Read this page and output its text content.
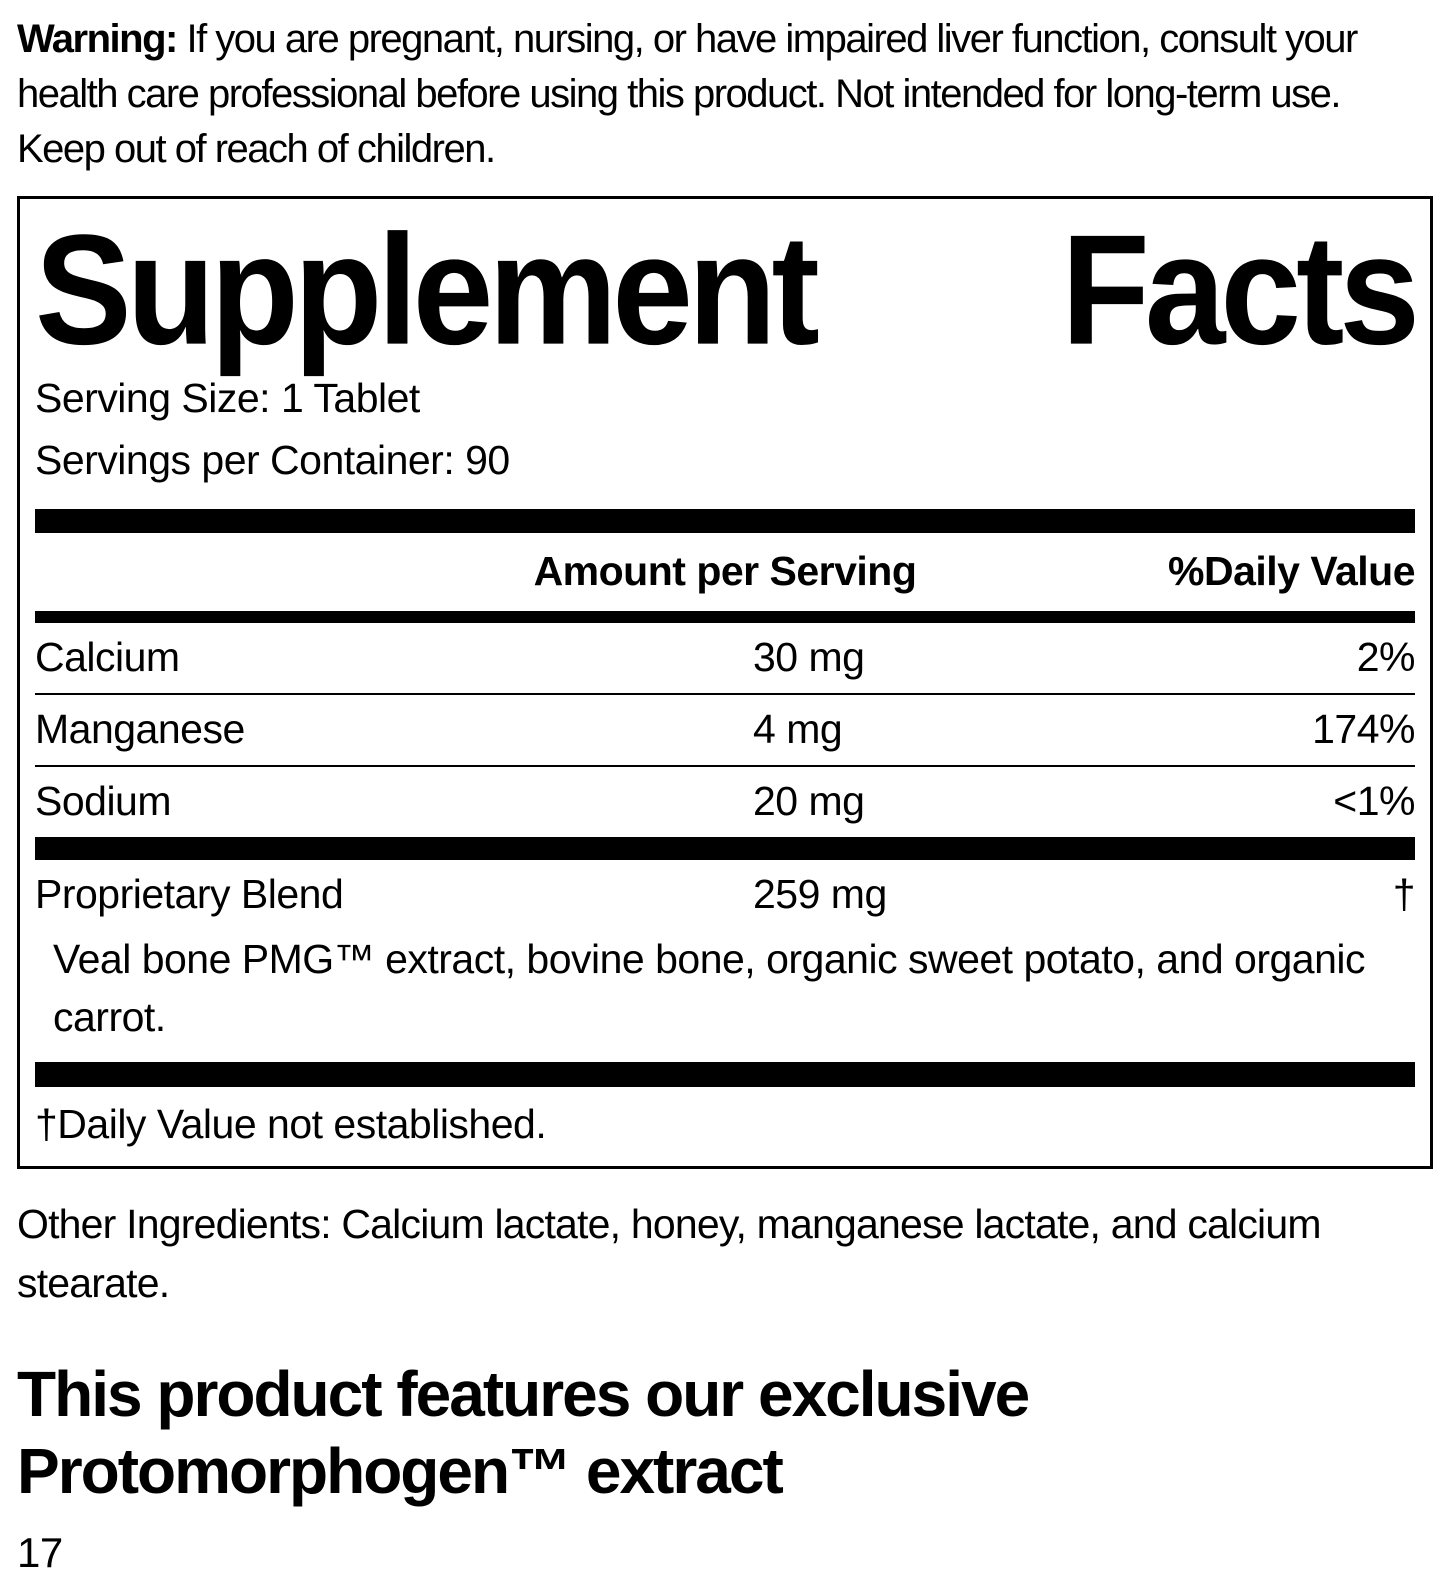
Warning: If you are pregnant, nursing, or have impaired liver function, consult your health care professional before using this product. Not intended for long-term use. Keep out of reach of children.

Supplement Facts
Serving Size: 1 Tablet
Servings per Container: 90
Amount per Serving	%Daily Value
Calcium	30 mg	2%
Manganese	4 mg	174%
Sodium	20 mg	<1%
Proprietary Blend	259 mg	†
Veal bone PMG™ extract, bovine bone, organic sweet potato, and organic carrot.
†Daily Value not established.

Other Ingredients: Calcium lactate, honey, manganese lactate, and calcium stearate.

This product features our exclusive Protomorphogen™ extract
17
